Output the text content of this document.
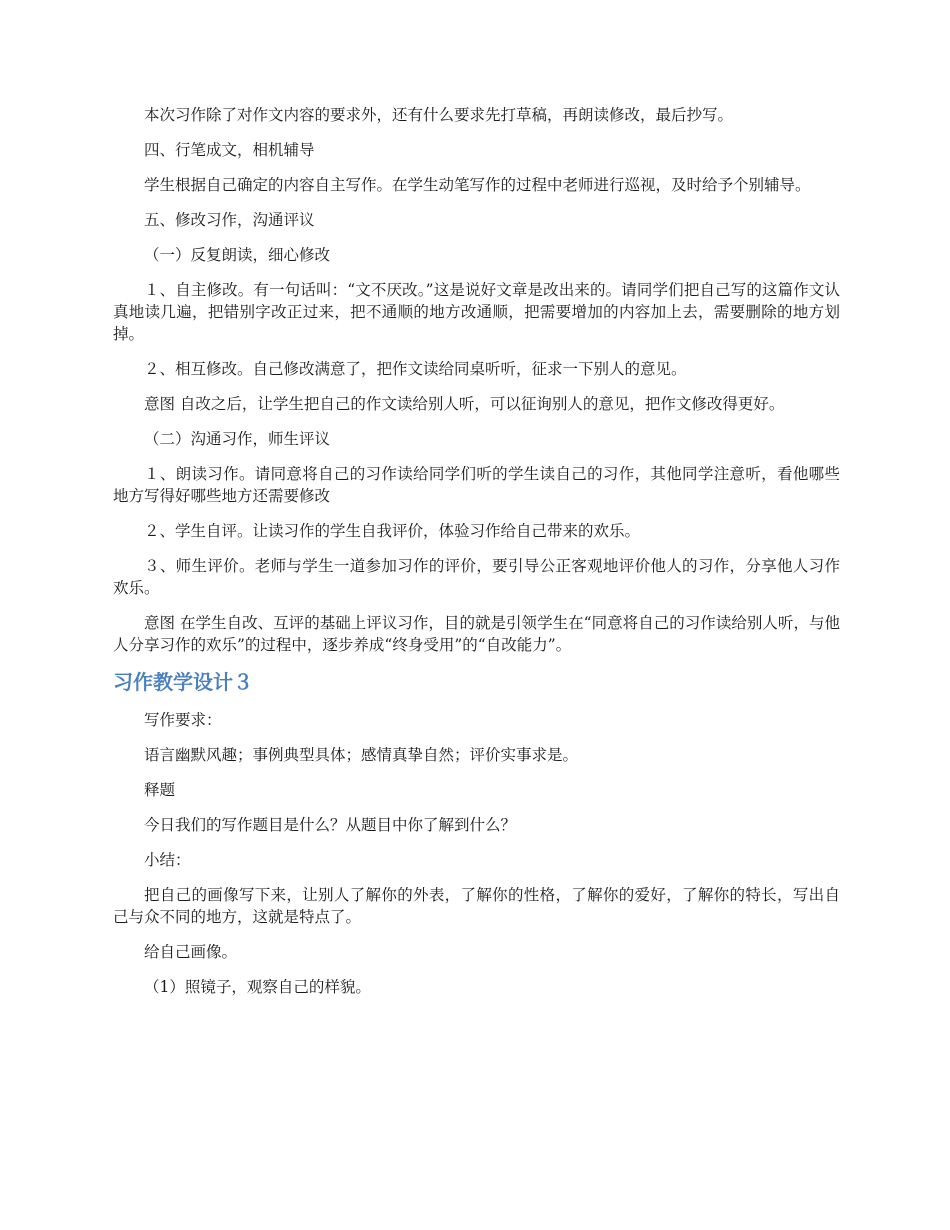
本次习作除了对作文内容的要求外，还有什么要求先打草稿，再朗读修改，最后抄写。

四、行笔成文，相机辅导

学生根据自己确定的内容自主写作。在学生动笔写作的过程中老师进行巡视，及时给予个别辅导。

五、修改习作，沟通评议

（一）反复朗读，细心修改

１、自主修改。有一句话叫：“文不厌改。”这是说好文章是改出来的。请同学们把自己写的这篇作文认真地读几遍，把错别字改正过来，把不通顺的地方改通顺，把需要增加的内容加上去，需要删除的地方划掉。

２、相互修改。自己修改满意了，把作文读给同桌听听，征求一下别人的意见。

意图 自改之后，让学生把自己的作文读给别人听，可以征询别人的意见，把作文修改得更好。

（二）沟通习作，师生评议

１、朗读习作。请同意将自己的习作读给同学们听的学生读自己的习作，其他同学注意听，看他哪些地方写得好哪些地方还需要修改

２、学生自评。让读习作的学生自我评价，体验习作给自己带来的欢乐。

３、师生评价。老师与学生一道参加习作的评价，要引导公正客观地评价他人的习作，分享他人习作欢乐。

意图 在学生自改、互评的基础上评议习作，目的就是引领学生在“同意将自己的习作读给别人听，与他人分享习作的欢乐”的过程中，逐步养成“终身受用”的“自改能力”。

习作教学设计３

写作要求：

语言幽默风趣；事例典型具体；感情真挚自然；评价实事求是。

释题

今日我们的写作题目是什么？从题目中你了解到什么？

小结：

把自己的画像写下来，让别人了解你的外表，了解你的性格，了解你的爱好，了解你的特长，写出自己与众不同的地方，这就是特点了。

给自己画像。

（1）照镜子，观察自己的样貌。
